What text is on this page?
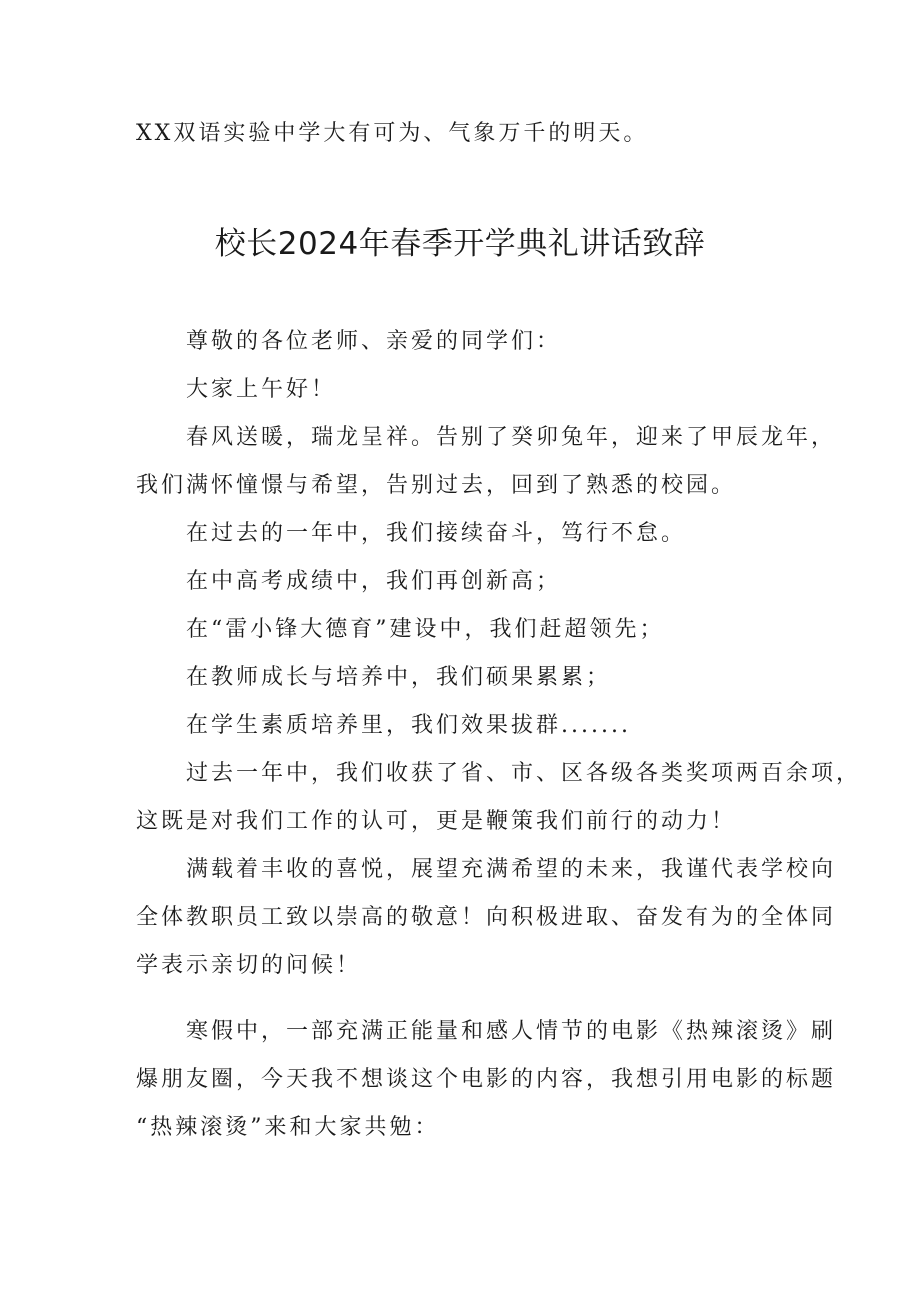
XX双语实验中学大有可为、气象万千的明天。
校长2024年春季开学典礼讲话致辞
尊敬的各位老师、亲爱的同学们：
大家上午好！
春风送暖，瑞龙呈祥。告别了癸卯兔年，迎来了甲辰龙年，
我们满怀憧憬与希望，告别过去，回到了熟悉的校园。
在过去的一年中，我们接续奋斗，笃行不怠。
在中高考成绩中，我们再创新高；
在“雷小锋大德育”建设中，我们赶超领先；
在教师成长与培养中，我们硕果累累；
在学生素质培养里，我们效果拔群.......
过去一年中，我们收获了省、市、区各级各类奖项两百余项，
这既是对我们工作的认可，更是鞭策我们前行的动力！
满载着丰收的喜悦，展望充满希望的未来，我谨代表学校向
全体教职员工致以崇高的敬意！向积极进取、奋发有为的全体同
学表示亲切的问候！
寒假中，一部充满正能量和感人情节的电影《热辣滚烫》刷
爆朋友圈，今天我不想谈这个电影的内容，我想引用电影的标题
“热辣滚烫”来和大家共勉：
